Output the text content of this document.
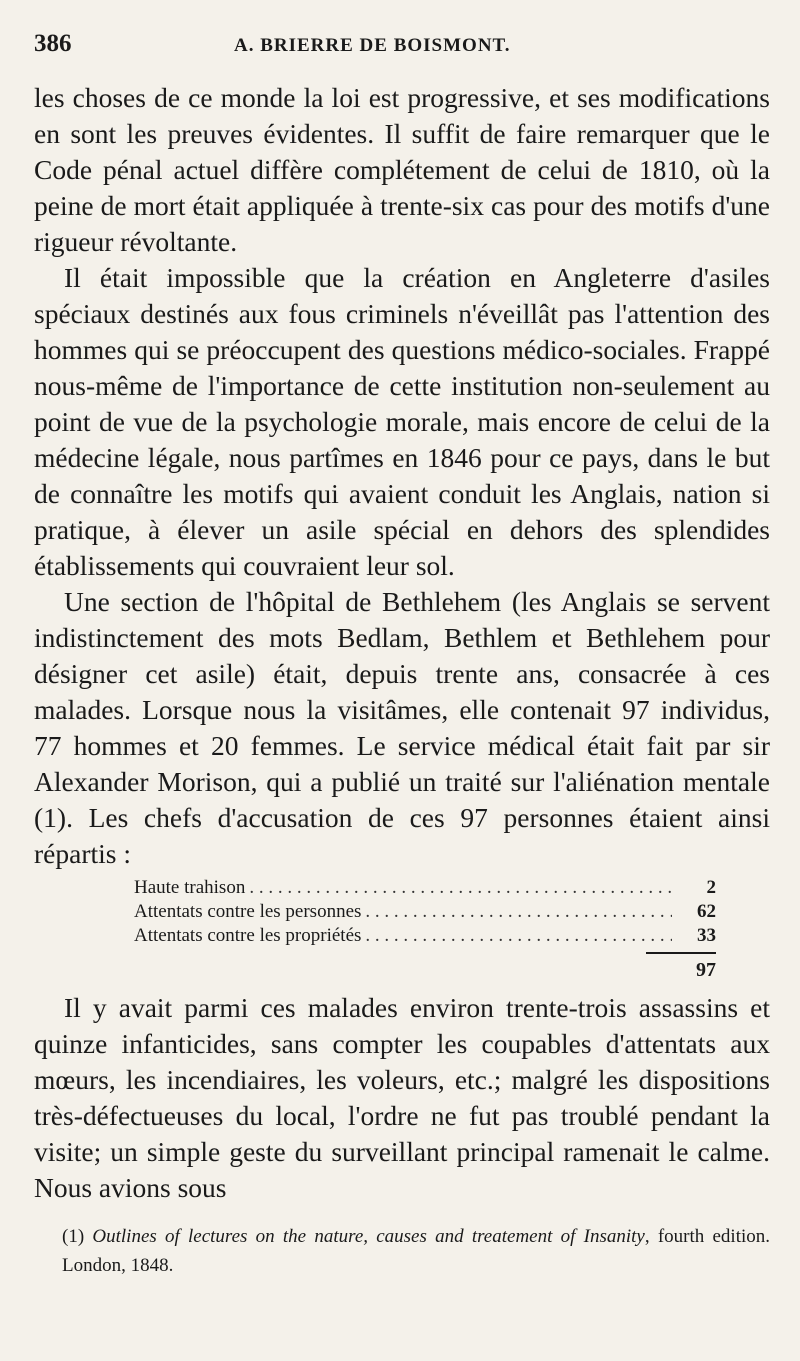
386	A. BRIERRE DE BOISMONT.

les choses de ce monde la loi est progressive, et ses modifications en sont les preuves évidentes. Il suffit de faire remarquer que le Code pénal actuel diffère complétement de celui de 1810, où la peine de mort était appliquée à trente-six cas pour des motifs d'une rigueur révoltante.

Il était impossible que la création en Angleterre d'asiles spéciaux destinés aux fous criminels n'éveillât pas l'attention des hommes qui se préoccupent des questions médico-sociales. Frappé nous-même de l'importance de cette institution non-seulement au point de vue de la psychologie morale, mais encore de celui de la médecine légale, nous partîmes en 1846 pour ce pays, dans le but de connaître les motifs qui avaient conduit les Anglais, nation si pratique, à élever un asile spécial en dehors des splendides établissements qui couvraient leur sol.

Une section de l'hôpital de Bethlehem (les Anglais se servent indistinctement des mots Bedlam, Bethlem et Bethlehem pour désigner cet asile) était, depuis trente ans, consacrée à ces malades. Lorsque nous la visitâmes, elle contenait 97 individus, 77 hommes et 20 femmes. Le service médical était fait par sir Alexander Morison, qui a publié un traité sur l'aliénation mentale (1). Les chefs d'accusation de ces 97 personnes étaient ainsi répartis :

Haute trahison . . .	2
Attentats contre les personnes . . .	62
Attentats contre les propriétés . . .	33
97

Il y avait parmi ces malades environ trente-trois assassins et quinze infanticides, sans compter les coupables d'attentats aux mœurs, les incendiaires, les voleurs, etc.; malgré les dispositions très-défectueuses du local, l'ordre ne fut pas troublé pendant la visite; un simple geste du surveillant principal ramenait le calme. Nous avions sous

(1) Outlines of lectures on the nature, causes and treatement of Insanity, fourth edition. London, 1848.
